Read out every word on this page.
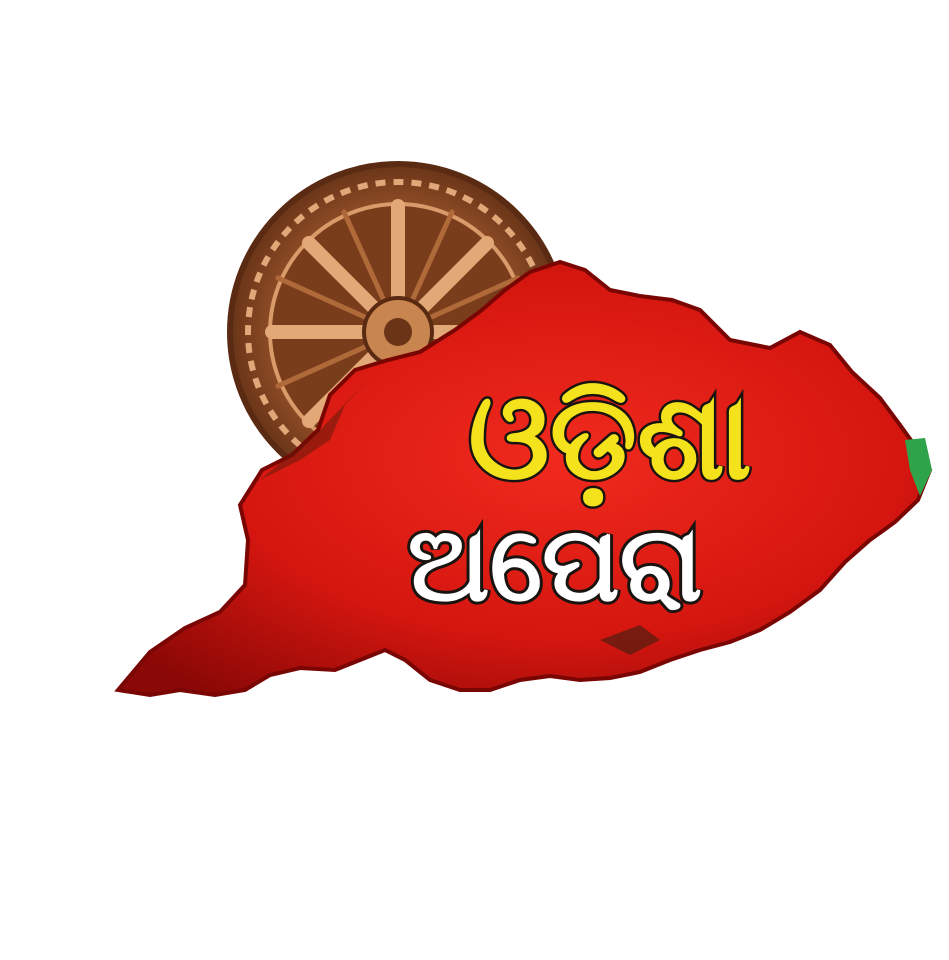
ଓଡ଼ିଶା
ଅପେରା
